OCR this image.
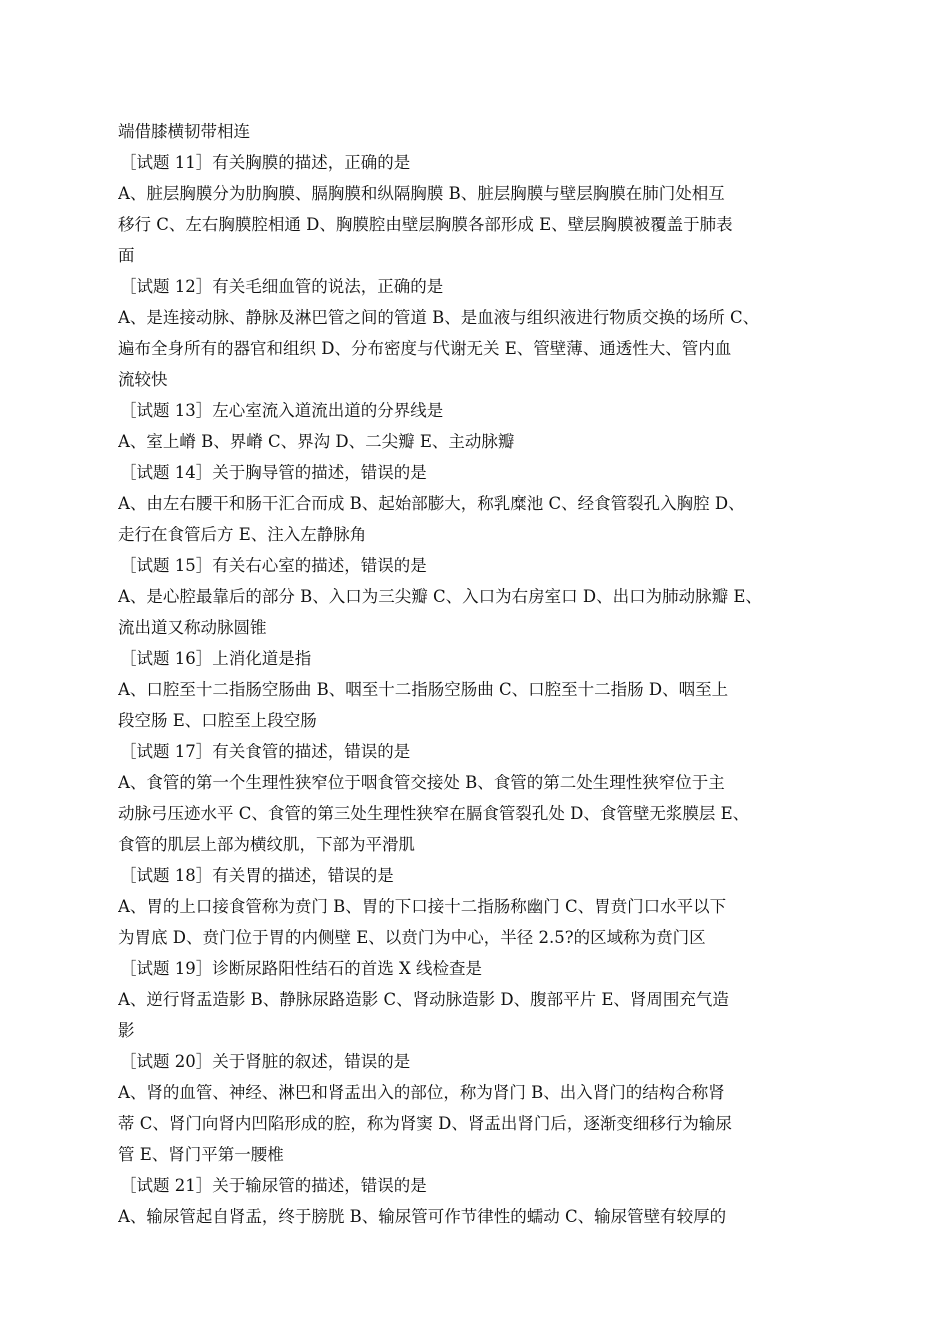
端借膝横韧带相连
［试题 11］有关胸膜的描述，正确的是
A、脏层胸膜分为肋胸膜、膈胸膜和纵隔胸膜 B、脏层胸膜与壁层胸膜在肺门处相互
移行 C、左右胸膜腔相通 D、胸膜腔由壁层胸膜各部形成 E、壁层胸膜被覆盖于肺表
面
［试题 12］有关毛细血管的说法，正确的是
A、是连接动脉、静脉及淋巴管之间的管道 B、是血液与组织液进行物质交换的场所 C、
遍布全身所有的器官和组织 D、分布密度与代谢无关 E、管壁薄、通透性大、管内血
流较快
［试题 13］左心室流入道流出道的分界线是
A、室上嵴 B、界嵴 C、界沟 D、二尖瓣 E、主动脉瓣
［试题 14］关于胸导管的描述，错误的是
A、由左右腰干和肠干汇合而成 B、起始部膨大，称乳糜池 C、经食管裂孔入胸腔 D、
走行在食管后方 E、注入左静脉角
［试题 15］有关右心室的描述，错误的是
A、是心腔最靠后的部分 B、入口为三尖瓣 C、入口为右房室口 D、出口为肺动脉瓣 E、
流出道又称动脉圆锥
［试题 16］上消化道是指
A、口腔至十二指肠空肠曲 B、咽至十二指肠空肠曲 C、口腔至十二指肠 D、咽至上
段空肠 E、口腔至上段空肠
［试题 17］有关食管的描述，错误的是
A、食管的第一个生理性狭窄位于咽食管交接处 B、食管的第二处生理性狭窄位于主
动脉弓压迹水平 C、食管的第三处生理性狭窄在膈食管裂孔处 D、食管壁无浆膜层 E、
食管的肌层上部为横纹肌，下部为平滑肌
［试题 18］有关胃的描述，错误的是
A、胃的上口接食管称为贲门 B、胃的下口接十二指肠称幽门 C、胃贲门口水平以下
为胃底 D、贲门位于胃的内侧壁 E、以贲门为中心，半径 2.5?的区域称为贲门区
［试题 19］诊断尿路阳性结石的首选 X 线检查是
A、逆行肾盂造影 B、静脉尿路造影 C、肾动脉造影 D、腹部平片 E、肾周围充气造
影
［试题 20］关于肾脏的叙述，错误的是
A、肾的血管、神经、淋巴和肾盂出入的部位，称为肾门 B、出入肾门的结构合称肾
蒂 C、肾门向肾内凹陷形成的腔，称为肾窦 D、肾盂出肾门后，逐渐变细移行为输尿
管 E、肾门平第一腰椎
［试题 21］关于输尿管的描述，错误的是
A、输尿管起自肾盂，终于膀胱 B、输尿管可作节律性的蠕动 C、输尿管壁有较厚的
